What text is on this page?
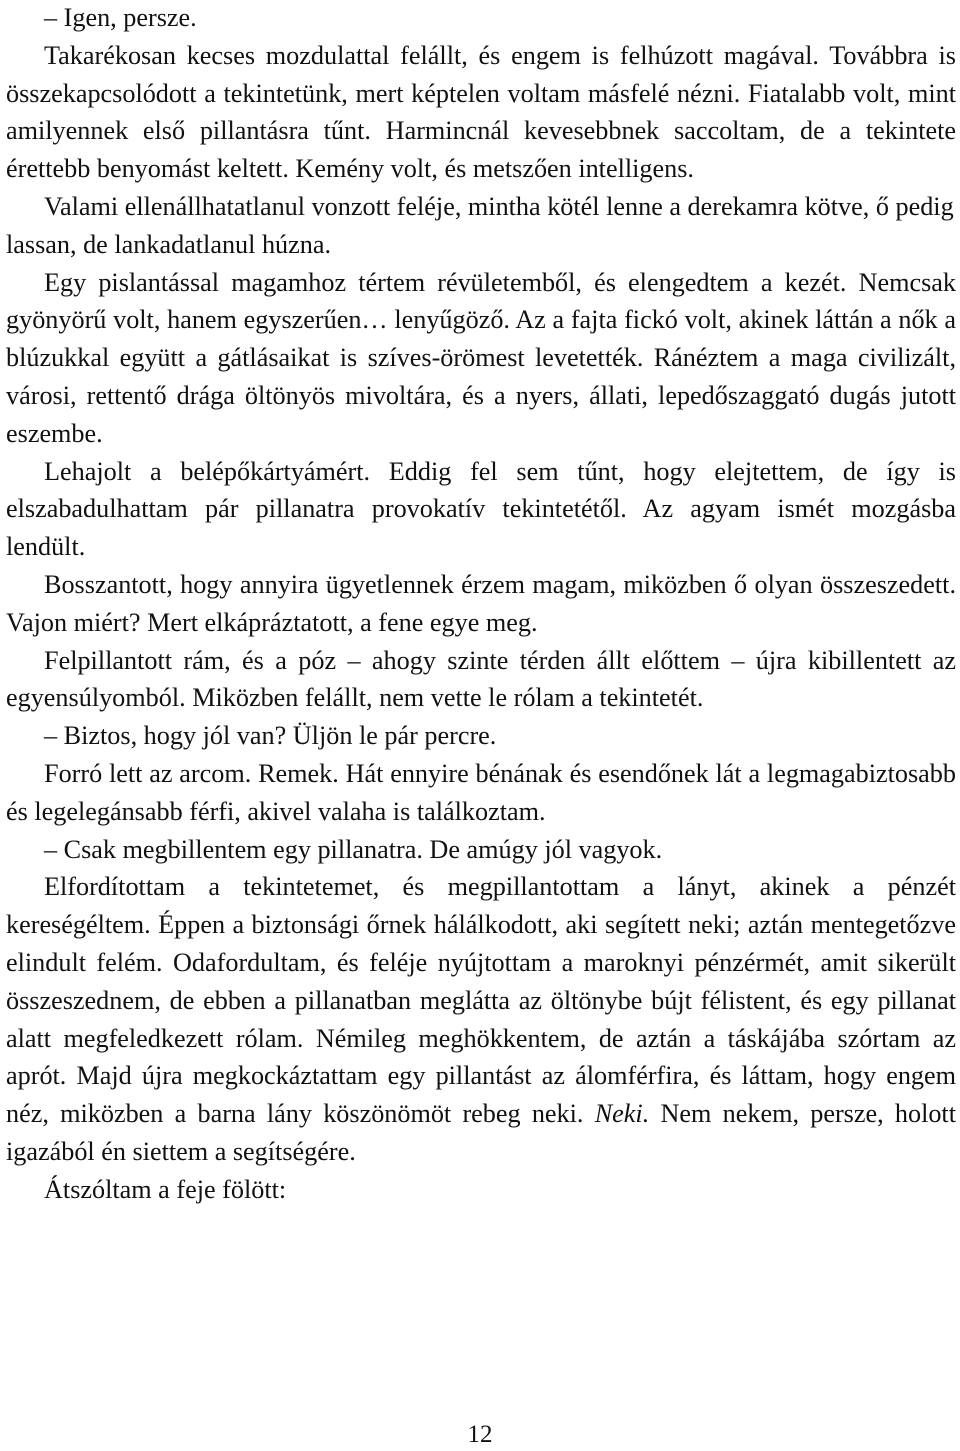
– Igen, persze.

Takarékosan kecses mozdulattal felállt, és engem is felhúzott magával. Továbbra is összekapcsolódott a tekintetünk, mert képtelen voltam másfelé nézni. Fiatalabb volt, mint amilyennek első pillantásra tűnt. Harmincnál kevesebbnek saccoltam, de a tekintete érettebb benyomást keltett. Kemény volt, és metszően intelligens.

Valami ellenállhatatlanul vonzott feléje, mintha kötél lenne a derekamra kötve, ő pedig lassan, de lankadatlanul húzna.

Egy pislantással magamhoz tértem révületemből, és elengedtem a kezét. Nemcsak gyönyörű volt, hanem egyszerűen… lenyűgöző. Az a fajta fickó volt, akinek láttán a nők a blúzukkal együtt a gátlásaikat is szíves-örömest levetették. Ránéztem a maga civilizált, városi, rettentő drága öltönyös mivoltára, és a nyers, állati, lepedőszaggató dugás jutott eszembe.

Lehajolt a belépőkártyámért. Eddig fel sem tűnt, hogy elejtettem, de így is elszabadulhattam pár pillanatra provokatív tekintetétől. Az agyam ismét mozgásba lendült.

Bosszantott, hogy annyira ügyetlennek érzem magam, miközben ő olyan összeszedett. Vajon miért? Mert elkápráztatott, a fene egye meg.

Felpillantott rám, és a póz – ahogy szinte térden állt előttem – újra kibillentett az egyensúlyomból. Miközben felállt, nem vette le rólam a tekintetét.

– Biztos, hogy jól van? Üljön le pár percre.

Forró lett az arcom. Remek. Hát ennyire bénának és esendőnek lát a legmagabiztosabb és legelegánsabb férfi, akivel valaha is találkoztam.

– Csak megbillentem egy pillanatra. De amúgy jól vagyok.

Elfordítottam a tekintetemet, és megpillantottam a lányt, akinek a pénzét kereségéltem. Éppen a biztonsági őrnek hálálkodott, aki segített neki; aztán mentegetőzve elindult felém. Odafordultam, és feléje nyújtottam a maroknyi pénzérmét, amit sikerült összeszednem, de ebben a pillanatban meglátta az öltönybe bújt félistent, és egy pillanat alatt megfeledkezett rólam. Némileg meghökkentem, de aztán a táskájába szórtam az aprót. Majd újra megkockáztattam egy pillantást az álomférfira, és láttam, hogy engem néz, miközben a barna lány köszönömöt rebeg neki. Neki. Nem nekem, persze, holott igazából én siettem a segítségére.

Átszóltam a feje fölött:

12
